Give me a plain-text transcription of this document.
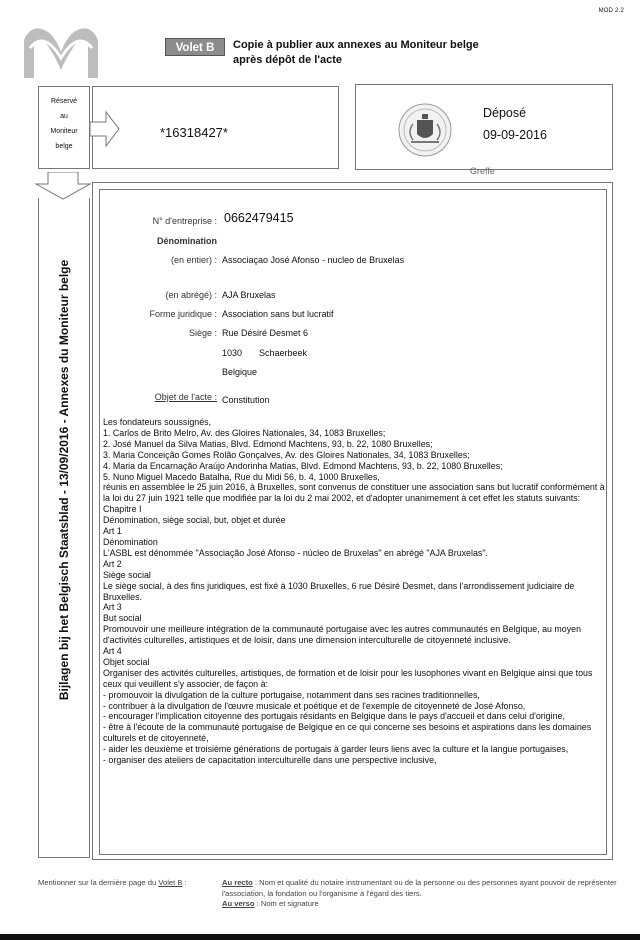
MOD 2.2
Volet B	Copie à publier aux annexes au Moniteur belge
après dépôt de l'acte
Réservé
au
Moniteur
belge
*16318427*
Déposé
09-09-2016
Greffe
Bijlagen bij het Belgisch Staatsblad - 13/09/2016 - Annexes du Moniteur belge
N° d'entreprise : 0662479415
Dénomination
(en entier) : Associaçao José Afonso - nucleo de Bruxelas
(en abrégé) : AJA Bruxelas
Forme juridique : Association sans but lucratif
Siège : Rue Désiré Desmet 6
1030 Schaerbeek
Belgique
Objet de l'acte : Constitution

Les fondateurs soussignés,

1. Carlos de Brito Melro, Av. des Gloires Nationales, 34, 1083 Bruxelles;

2. José Manuel da Silva Matias, Blvd. Edmond Machtens, 93, b. 22, 1080 Bruxelles;

3. Maria Conceição Gomes Rolão Gonçalves, Av. des Gloires Nationales, 34, 1083 Bruxelles;

4. Maria da Encarnação Araújo Andorinha Matias, Blvd. Edmond Machtens, 93, b. 22, 1080 Bruxelles;

5. Nuno Miguel Macedo Batalha, Rue du Midi 56, b. 4, 1000 Bruxelles,

réunis en assemblée le 25 juin 2016, à Bruxelles, sont convenus de constituer une association sans but lucratif conformément à la loi du 27 juin 1921 telle que modifiée par la loi du 2 mai 2002, et d'adopter unanimement à cet effet les statuts suivants:

Chapitre I

Dénomination, siège social, but, objet et durée

Art 1

Dénomination

L'ASBL est dénommée "Associação José Afonso - núcleo de Bruxelas" en abrégé "AJA Bruxelas".

Art 2

Siège social

Le siège social, à des fins juridiques, est fixé à 1030 Bruxelles, 6 rue Désiré Desmet, dans l'arrondissement judiciaire de Bruxelles.

Art 3

But social

Promouvoir une meilleure intégration de la communauté portugaise avec les autres communautés en Belgique, au moyen d'activités culturelles, artistiques et de loisir, dans une dimension interculturelle de citoyenneté inclusive.

Art 4

Objet social

Organiser des activités culturelles, artistiques, de formation et de loisir pour les lusophones vivant en Belgique ainsi que tous ceux qui veuillent s'y associer, de façon à:

- promouvoir la divulgation de la culture portugaise, notamment dans ses racines traditionnelles,

- contribuer à la divulgation de l'œuvre musicale et poétique et de l'exemple de citoyenneté de José Afonso,

- encourager l'implication citoyenne des portugais résidants en Belgique dans le pays d'accueil et dans celui d'origine,

- être à l'écoute de la communauté portugaise de Belgique en ce qui concerne ses besoins et aspirations dans les domaines culturels et de citoyenneté,

- aider les deuxième et troisième générations de portugais à garder leurs liens avec la culture et la langue portugaises,

- organiser des ateliers de capacitation interculturelle dans une perspective inclusive,

Mentionner sur la dernière page du Volet B :	Au recto : Nom et qualité du notaire instrumentant ou de la personne ou des personnes ayant pouvoir de représenter l'association, la fondation ou l'organisme à l'égard des tiers.
Au verso : Nom et signature
